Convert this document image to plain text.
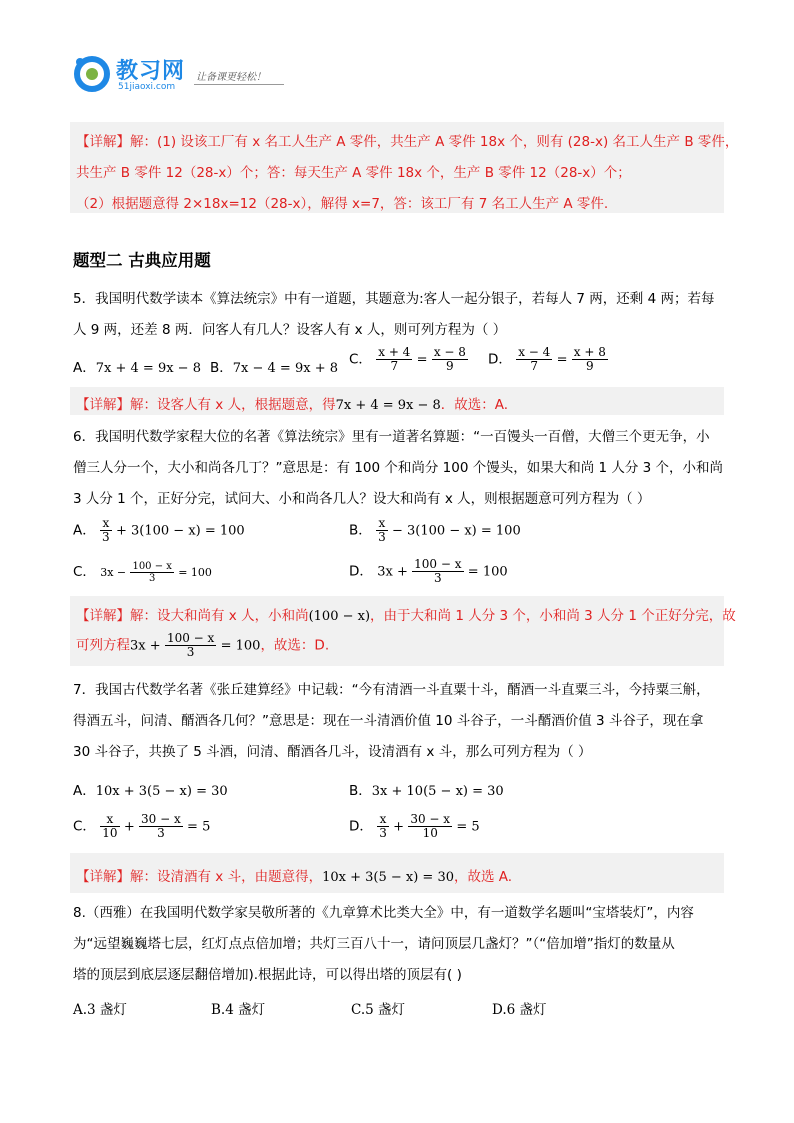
教习网
51jiaoxi.com
让备课更轻松！
【详解】解：(1) 设该工厂有 x 名工人生产 A 零件，共生产 A 零件 18x 个，则有 (28-x) 名工人生产 B 零件，
共生产 B 零件 12（28-x）个；答：每天生产 A 零件 18x 个，生产 B 零件 12（28-x）个；
（2）根据题意得 2×18x=12（28-x），解得 x=7，答：该工厂有 7 名工人生产 A 零件.
题型二 古典应用题
5．我国明代数学读本《算法统宗》中有一道题，其题意为:客人一起分银子，若每人 7 两，还剩 4 两；若每
人 9 两，还差 8 两．问客人有几人？设客人有 x 人，则可列方程为（ ）
A．7x + 4 = 9x − 8 B．7x − 4 = 9x + 8
C． $\frac{x + 4}{7} = \frac{x - 8}{9}$ D． $\frac{x - 4}{7} = \frac{x + 8}{9}$
【详解】解：设客人有 x 人，根据题意，得7x + 4 = 9x − 8．故选：A.
6．我国明代数学家程大位的名著《算法统宗》里有一道著名算题：“一百馒头一百僧，大僧三个更无争，小
僧三人分一个，大小和尚各几丁？”意思是：有 100 个和尚分 100 个馒头，如果大和尚 1 人分 3 个，小和尚
3 人分 1 个，正好分完，试问大、小和尚各几人？设大和尚有 x 人，则根据题意可列方程为（ ）
A． $\frac{x}{3} + 3(100 - x) = 100$	B． $\frac{x}{3} - 3(100 - x) = 100$
C． $3x - \frac{100 - x}{3} = 100$	D． $3x + \frac{100 - x}{3} = 100$
【详解】解：设大和尚有 x 人，小和尚(100 − x)，由于大和尚 1 人分 3 个，小和尚 3 人分 1 个正好分完，故
可列方程$3x + \frac{100 - x}{3} = 100$，故选：D.
7．我国古代数学名著《张丘建算经》中记载：“今有清酒一斗直粟十斗，醑酒一斗直粟三斗，今持粟三斛，
得酒五斗，问清、醑酒各几何？”意思是：现在一斗清酒价值 10 斗谷子，一斗醑酒价值 3 斗谷子，现在拿
30 斗谷子，共换了 5 斗酒，问清、醑酒各几斗，设清酒有 x 斗，那么可列方程为（ ）
A．10x + 3(5 − x) = 30	B．3x + 10(5 − x) = 30
C． $\frac{x}{10} + \frac{30 - x}{3} = 5$	D． $\frac{x}{3} + \frac{30 - x}{10} = 5$
【详解】解：设清酒有 x 斗，由题意得，10x + 3(5 − x) = 30，故选 A.
8.（西雅）在我国明代数学家吴敬所著的《九章算术比类大全》中，有一道数学名题叫“宝塔装灯”，内容
为“远望巍巍塔七层，红灯点点倍加增；共灯三百八十一，请问顶层几盏灯？”（“倍加增”指灯的数量从
塔的顶层到底层逐层翻倍增加).根据此诗，可以得出塔的顶层有( )
A.3 盏灯	B.4 盏灯	C.5 盏灯	D.6 盏灯
